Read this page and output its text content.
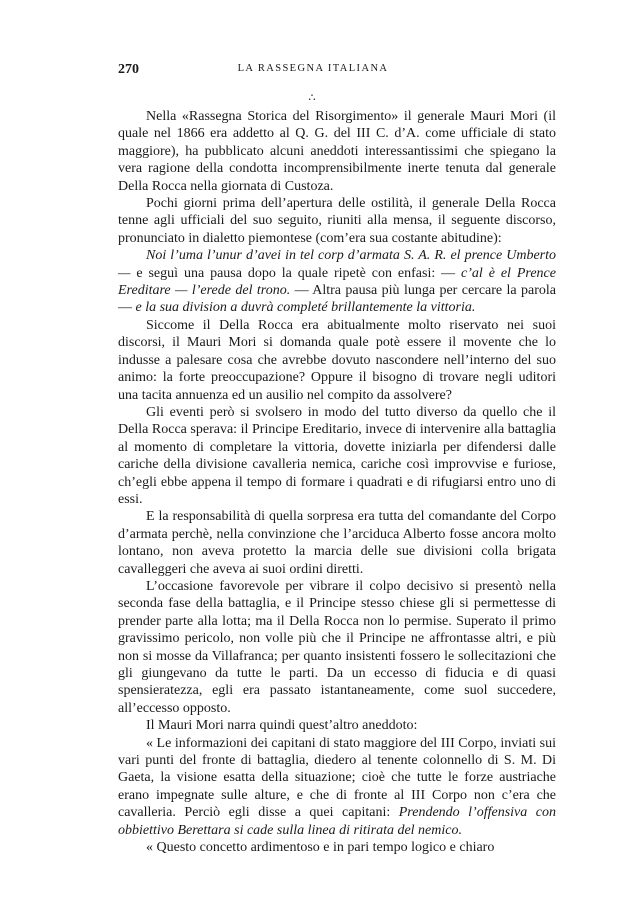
270	LA RASSEGNA ITALIANA
∴

Nella «Rassegna Storica del Risorgimento» il generale Mauri Mori (il quale nel 1866 era addetto al Q. G. del III C. d’A. come ufficiale di stato maggiore), ha pubblicato alcuni aneddoti interessantissimi che spiegano la vera ragione della condotta incomprensibilmente inerte tenuta dal generale Della Rocca nella giornata di Custoza.

Pochi giorni prima dell’apertura delle ostilità, il generale Della Rocca tenne agli ufficiali del suo seguito, riuniti alla mensa, il seguente discorso, pronunciato in dialetto piemontese (com’era sua costante abitudine):

Noi l’uma l’unur d’avei in tel corp d’armata S. A. R. el prence Umberto — e seguì una pausa dopo la quale ripetè con enfasi: — c’al è el Prence Ereditare — l’erede del trono. — Altra pausa più lunga per cercare la parola — e la sua division a duvrà completé brillantemente la vittoria.

Siccome il Della Rocca era abitualmente molto riservato nei suoi discorsi, il Mauri Mori si domanda quale potè essere il movente che lo indusse a palesare cosa che avrebbe dovuto nascondere nell’interno del suo animo: la forte preoccupazione? Oppure il bisogno di trovare negli uditori una tacita annuenza ed un ausilio nel compito da assolvere?

Gli eventi però si svolsero in modo del tutto diverso da quello che il Della Rocca sperava: il Principe Ereditario, invece di intervenire alla battaglia al momento di completare la vittoria, dovette iniziarla per difendersi dalle cariche della divisione cavalleria nemica, cariche così improvvise e furiose, ch’egli ebbe appena il tempo di formare i quadrati e di rifugiarsi entro uno di essi.

E la responsabilità di quella sorpresa era tutta del comandante del Corpo d’armata perchè, nella convinzione che l’arciduca Alberto fosse ancora molto lontano, non aveva protetto la marcia delle sue divisioni colla brigata cavalleggeri che aveva ai suoi ordini diretti.

L’occasione favorevole per vibrare il colpo decisivo si presentò nella seconda fase della battaglia, e il Principe stesso chiese gli si permettesse di prender parte alla lotta; ma il Della Rocca non lo permise. Superato il primo gravissimo pericolo, non volle più che il Principe ne affrontasse altri, e più non si mosse da Villafranca; per quanto insistenti fossero le sollecitazioni che gli giungevano da tutte le parti. Da un eccesso di fiducia e di quasi spensieratezza, egli era passato istantaneamente, come suol succedere, all’eccesso opposto.

Il Mauri Mori narra quindi quest’altro aneddoto:

« Le informazioni dei capitani di stato maggiore del III Corpo, inviati sui vari punti del fronte di battaglia, diedero al tenente colonnello di S. M. Di Gaeta, la visione esatta della situazione; cioè che tutte le forze austriache erano impegnate sulle alture, e che di fronte al III Corpo non c’era che cavalleria. Perciò egli disse a quei capitani: Prendendo l’offensiva con obbiettivo Berettara si cade sulla linea di ritirata del nemico.

« Questo concetto ardimentoso e in pari tempo logico e chiaro
